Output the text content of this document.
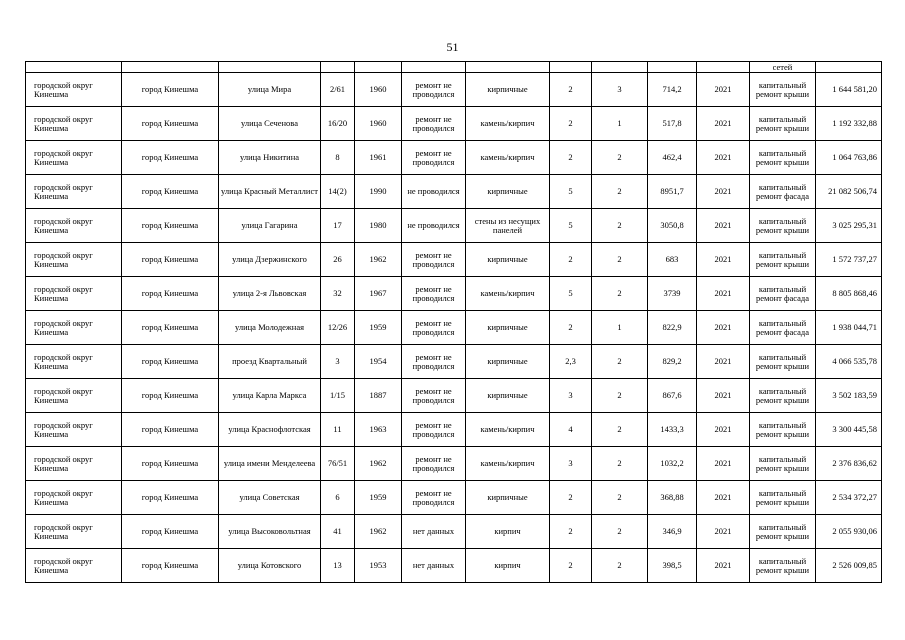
51
											сетей	
городской округ Кинешма	город Кинешма	улица Мира	2/61	1960	ремонт не проводился	кирпичные	2	3	714,2	2021	капитальный ремонт крыши	1 644 581,20
городской округ Кинешма	город Кинешма	улица Сеченова	16/20	1960	ремонт не проводился	камень/кирпич	2	1	517,8	2021	капитальный ремонт крыши	1 192 332,88
городской округ Кинешма	город Кинешма	улица Никитина	8	1961	ремонт не проводился	камень/кирпич	2	2	462,4	2021	капитальный ремонт крыши	1 064 763,86
городской округ Кинешма	город Кинешма	улица Красный Металлист	14(2)	1990	не проводился	кирпичные	5	2	8951,7	2021	капитальный ремонт фасада	21 082 506,74
городской округ Кинешма	город Кинешма	улица Гагарина	17	1980	не проводился	стены из несущих панелей	5	2	3050,8	2021	капитальный ремонт крыши	3 025 295,31
городской округ Кинешма	город Кинешма	улица Дзержинского	26	1962	ремонт не проводился	кирпичные	2	2	683	2021	капитальный ремонт крыши	1 572 737,27
городской округ Кинешма	город Кинешма	улица 2-я Львовская	32	1967	ремонт не проводился	камень/кирпич	5	2	3739	2021	капитальный ремонт фасада	8 805 868,46
городской округ Кинешма	город Кинешма	улица Молодежная	12/26	1959	ремонт не проводился	кирпичные	2	1	822,9	2021	капитальный ремонт фасада	1 938 044,71
городской округ Кинешма	город Кинешма	проезд Квартальный	3	1954	ремонт не проводился	кирпичные	2,3	2	829,2	2021	капитальный ремонт крыши	4 066 535,78
городской округ Кинешма	город Кинешма	улица Карла Маркса	1/15	1887	ремонт не проводился	кирпичные	3	2	867,6	2021	капитальный ремонт крыши	3 502 183,59
городской округ Кинешма	город Кинешма	улица Краснофлотская	11	1963	ремонт не проводился	камень/кирпич	4	2	1433,3	2021	капитальный ремонт крыши	3 300 445,58
городской округ Кинешма	город Кинешма	улица имени Менделеева	76/51	1962	ремонт не проводился	камень/кирпич	3	2	1032,2	2021	капитальный ремонт крыши	2 376 836,62
городской округ Кинешма	город Кинешма	улица Советская	6	1959	ремонт не проводился	кирпичные	2	2	368,88	2021	капитальный ремонт крыши	2 534 372,27
городской округ Кинешма	город Кинешма	улица Высоковольтная	41	1962	нет данных	кирпич	2	2	346,9	2021	капитальный ремонт крыши	2 055 930,06
городской округ Кинешма	город Кинешма	улица Котовского	13	1953	нет данных	кирпич	2	2	398,5	2021	капитальный ремонт крыши	2 526 009,85
